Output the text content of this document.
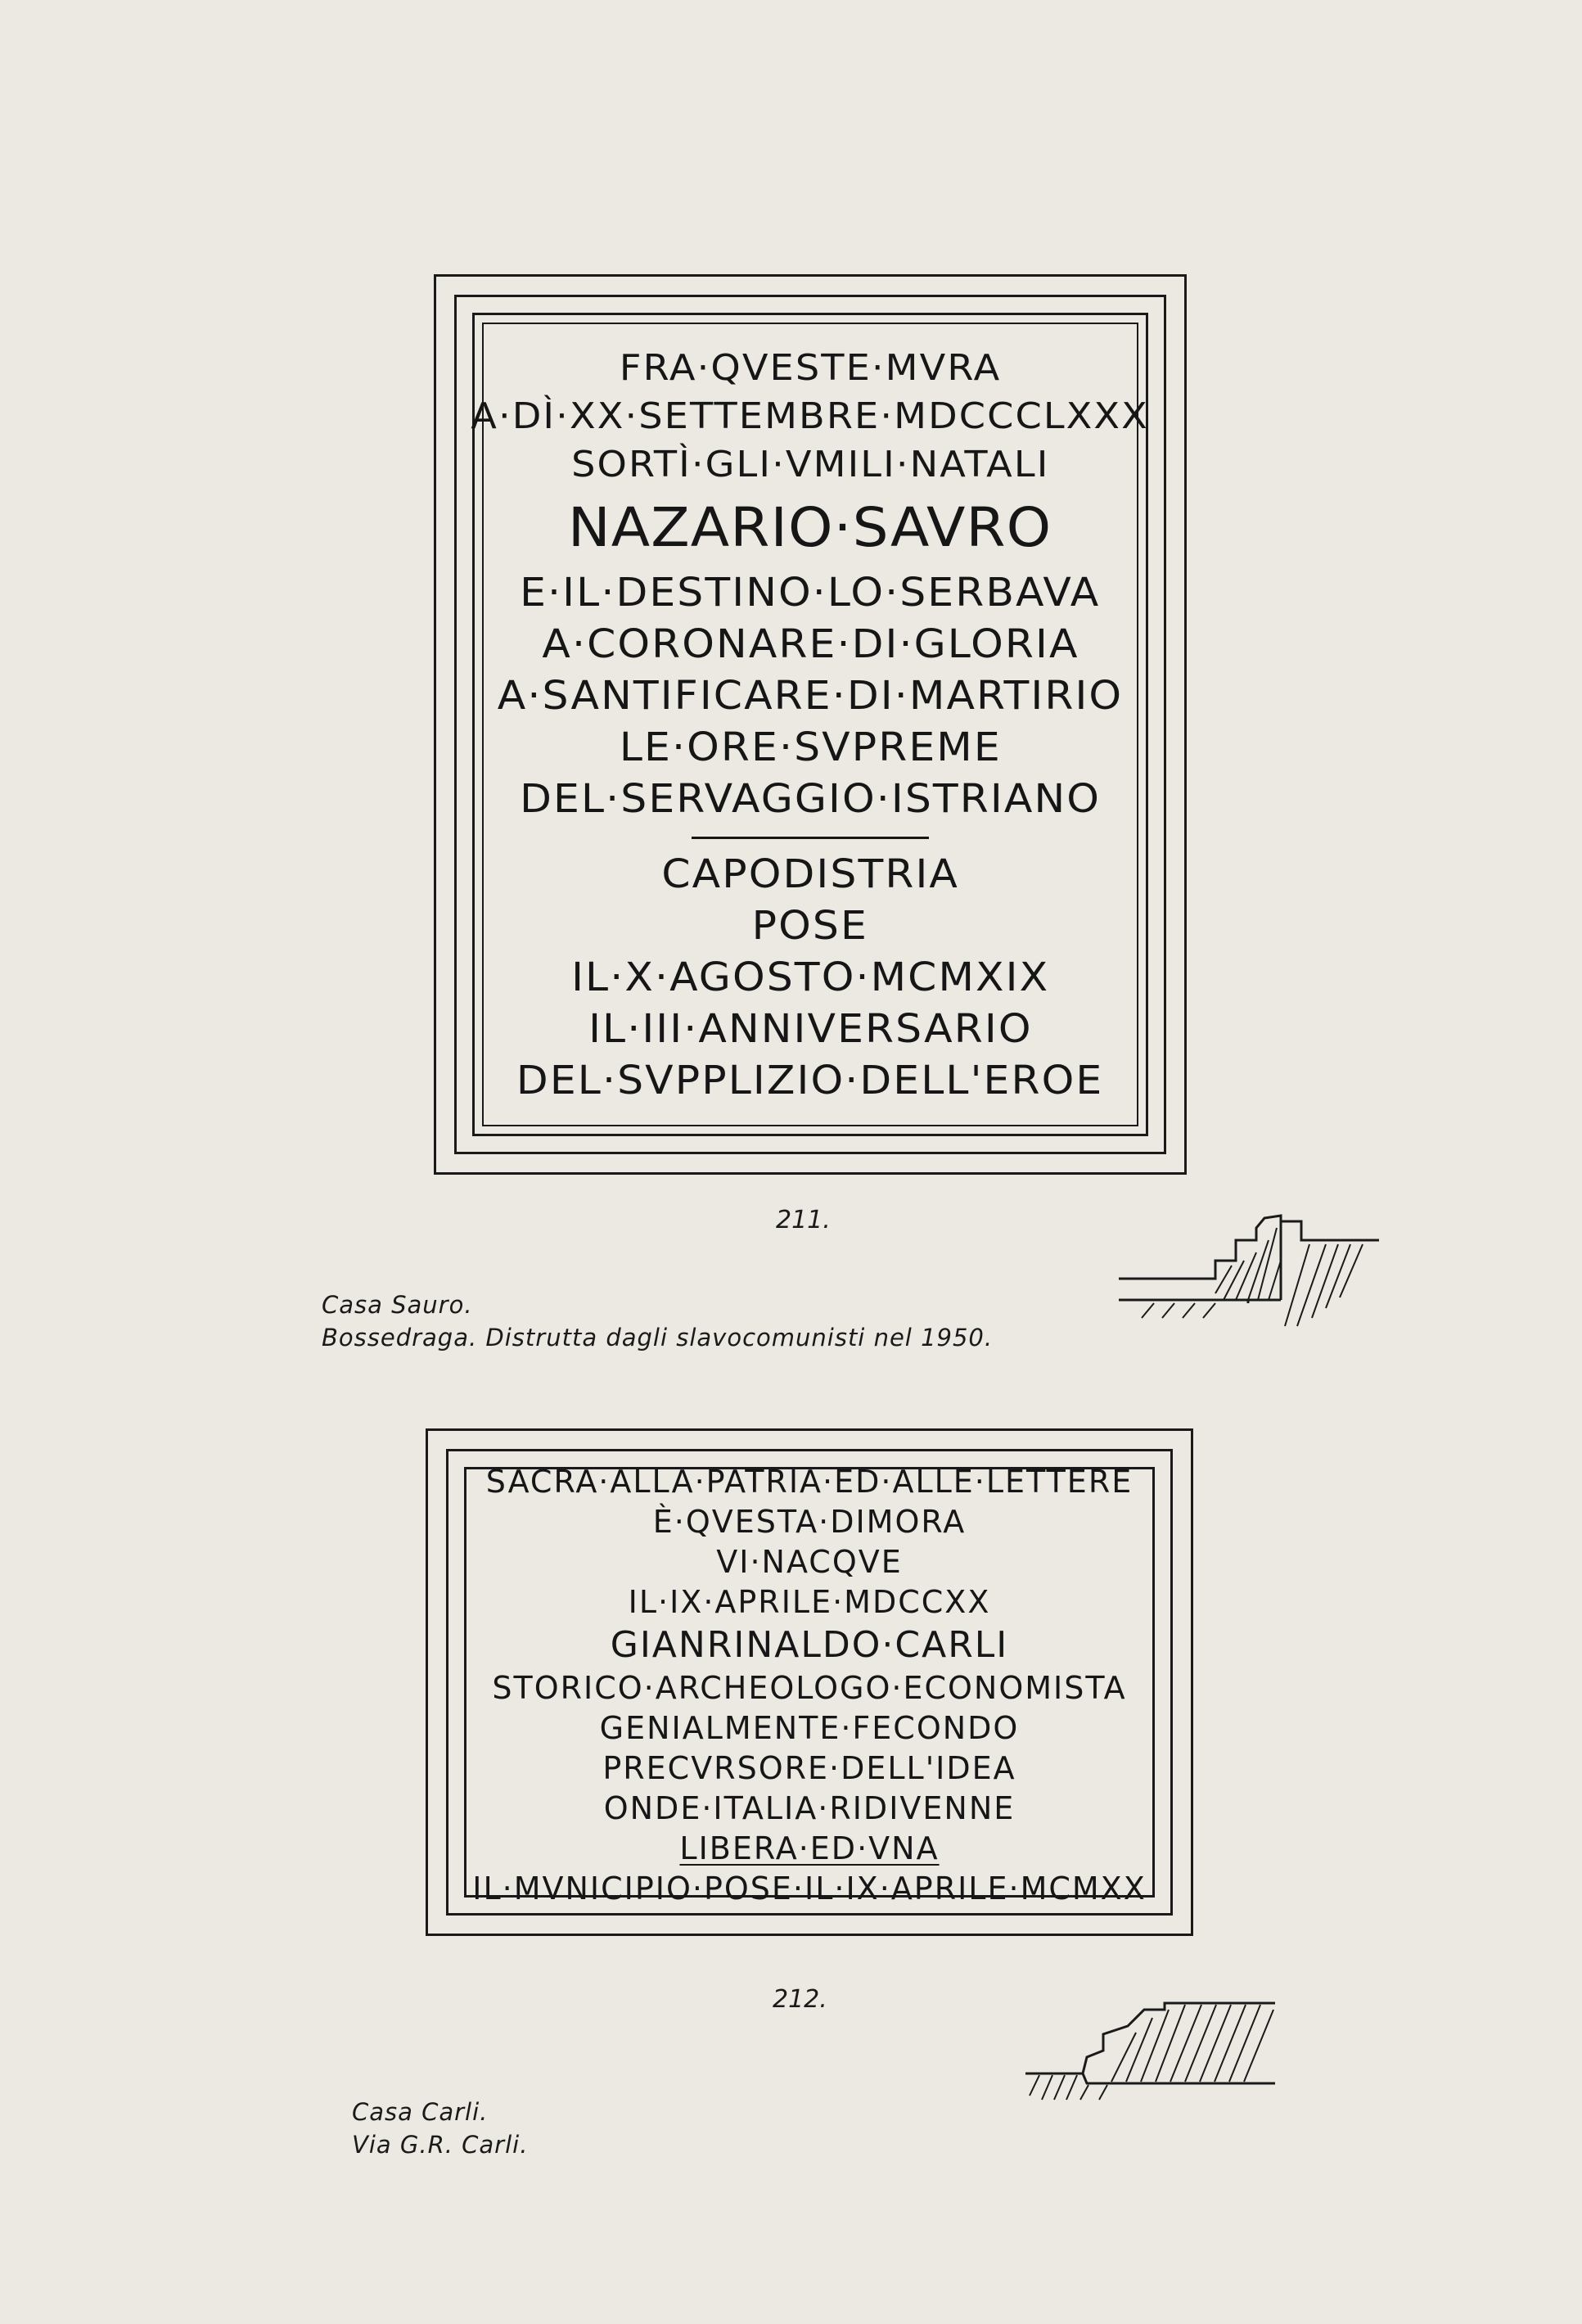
FRA·QVESTE·MVRA
A·DÌ·XX·SETTEMBRE·MDCCCLXXX
SORTÌ·GLI·VMILI·NATALI
NAZARIO·SAVRO
E·IL·DESTINO·LO·SERBAVA
A·CORONARE·DI·GLORIA
A·SANTIFICARE·DI·MARTIRIO
LE·ORE·SVPREME
DEL·SERVAGGIO·ISTRIANO
CAPODISTRIA
POSE
IL·X·AGOSTO·MCMXIX
IL·III·ANNIVERSARIO
DEL·SVPPLIZIO·DELL'EROE
211.
Casa Sauro.
Bossedraga. Distrutta dagli slavocomunisti nel 1950.
SACRA·ALLA·PATRIA·ED·ALLE·LETTERE
È·QVESTA·DIMORA
VI·NACQVE
IL·IX·APRILE·MDCCXX
GIANRINALDO·CARLI
STORICO·ARCHEOLOGO·ECONOMISTA
GENIALMENTE·FECONDO
PRECVRSORE·DELL'IDEA
ONDE·ITALIA·RIDIVENNE
LIBERA·ED·VNA
IL·MVNICIPIO·POSE·IL·IX·APRILE·MCMXX
212.
Casa Carli.
Via G.R. Carli.
